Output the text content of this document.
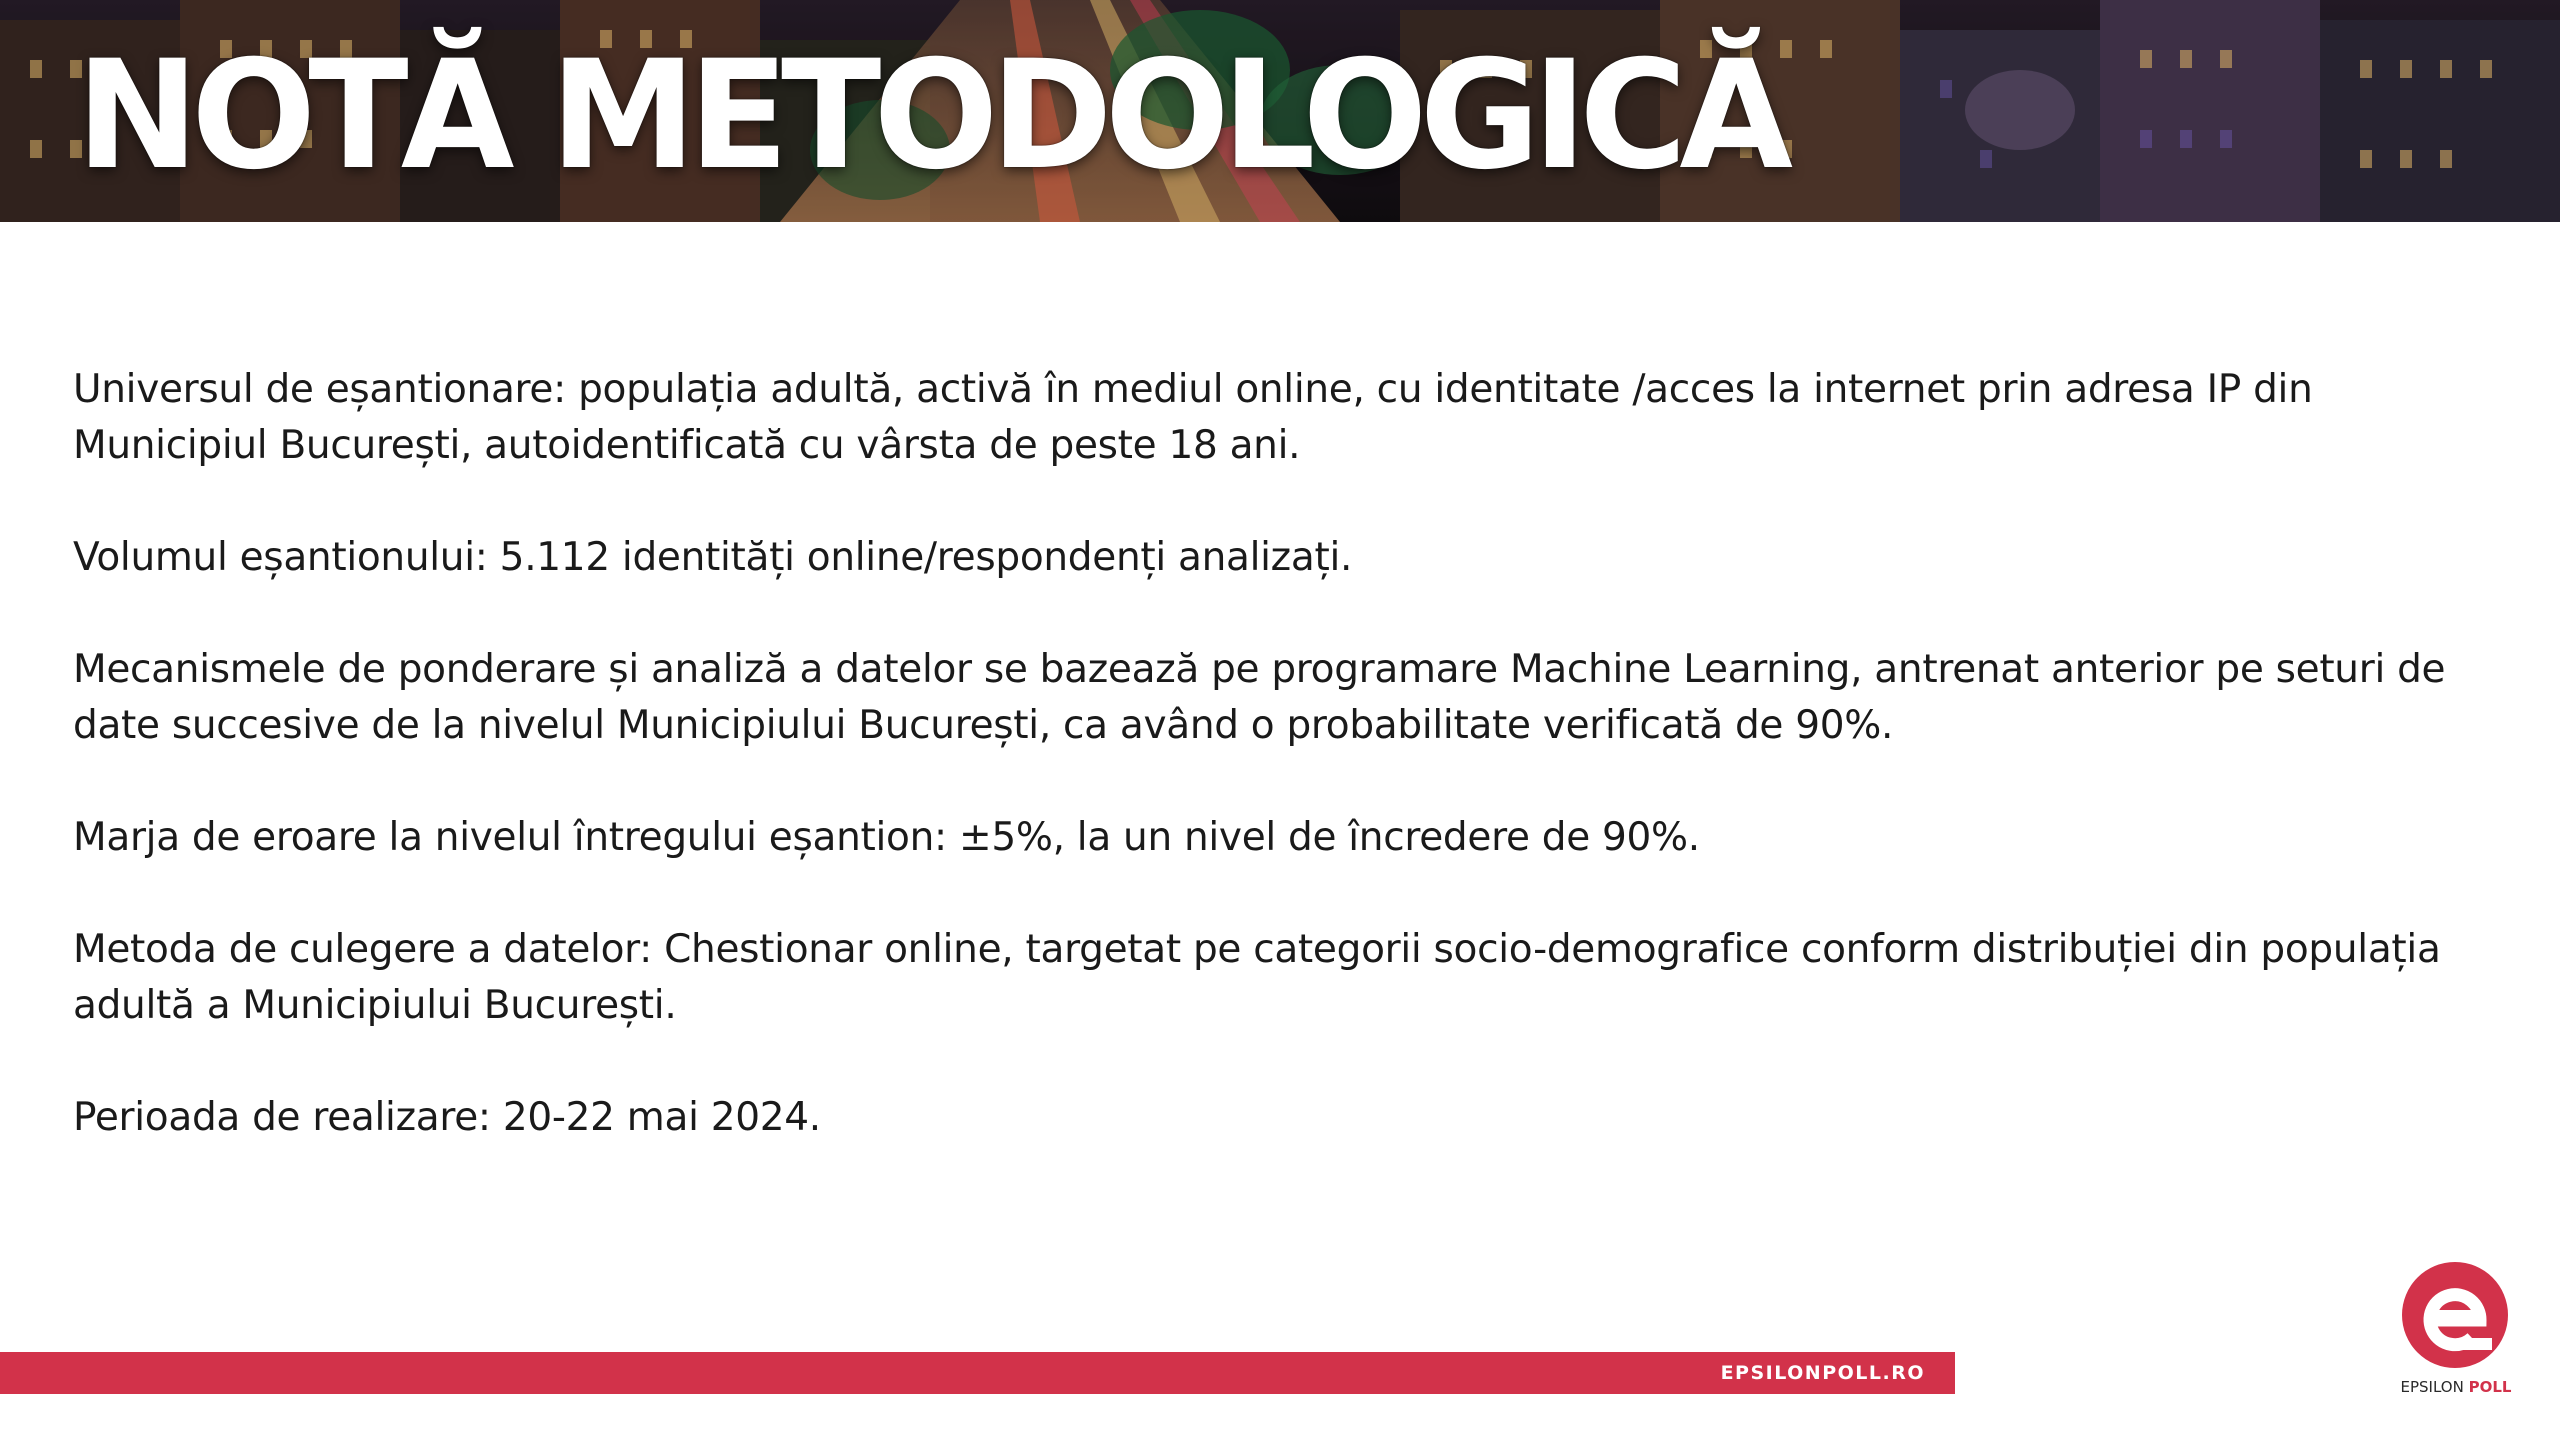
NOTĂ METODOLOGICĂ

Universul de eșantionare: populația adultă, activă în mediul online, cu identitate /acces la internet prin adresa IP din Municipiul București, autoidentificată cu vârsta de peste 18 ani.

Volumul eșantionului: 5.112 identități online/respondenți analizați.

Mecanismele de ponderare și analiză a datelor se bazează pe programare Machine Learning, antrenat anterior pe seturi de date succesive de la nivelul Municipiului București, ca având o probabilitate verificată de 90%.

Marja de eroare la nivelul întregului eșantion: ±5%, la un nivel de încredere de 90%.

Metoda de culegere a datelor: Chestionar online, targetat pe categorii socio-demografice conform distribuției din populația adultă a Municipiului București.

Perioada de realizare: 20-22 mai 2024.

EPSILONPOLL.RO
EPSILON POLL
